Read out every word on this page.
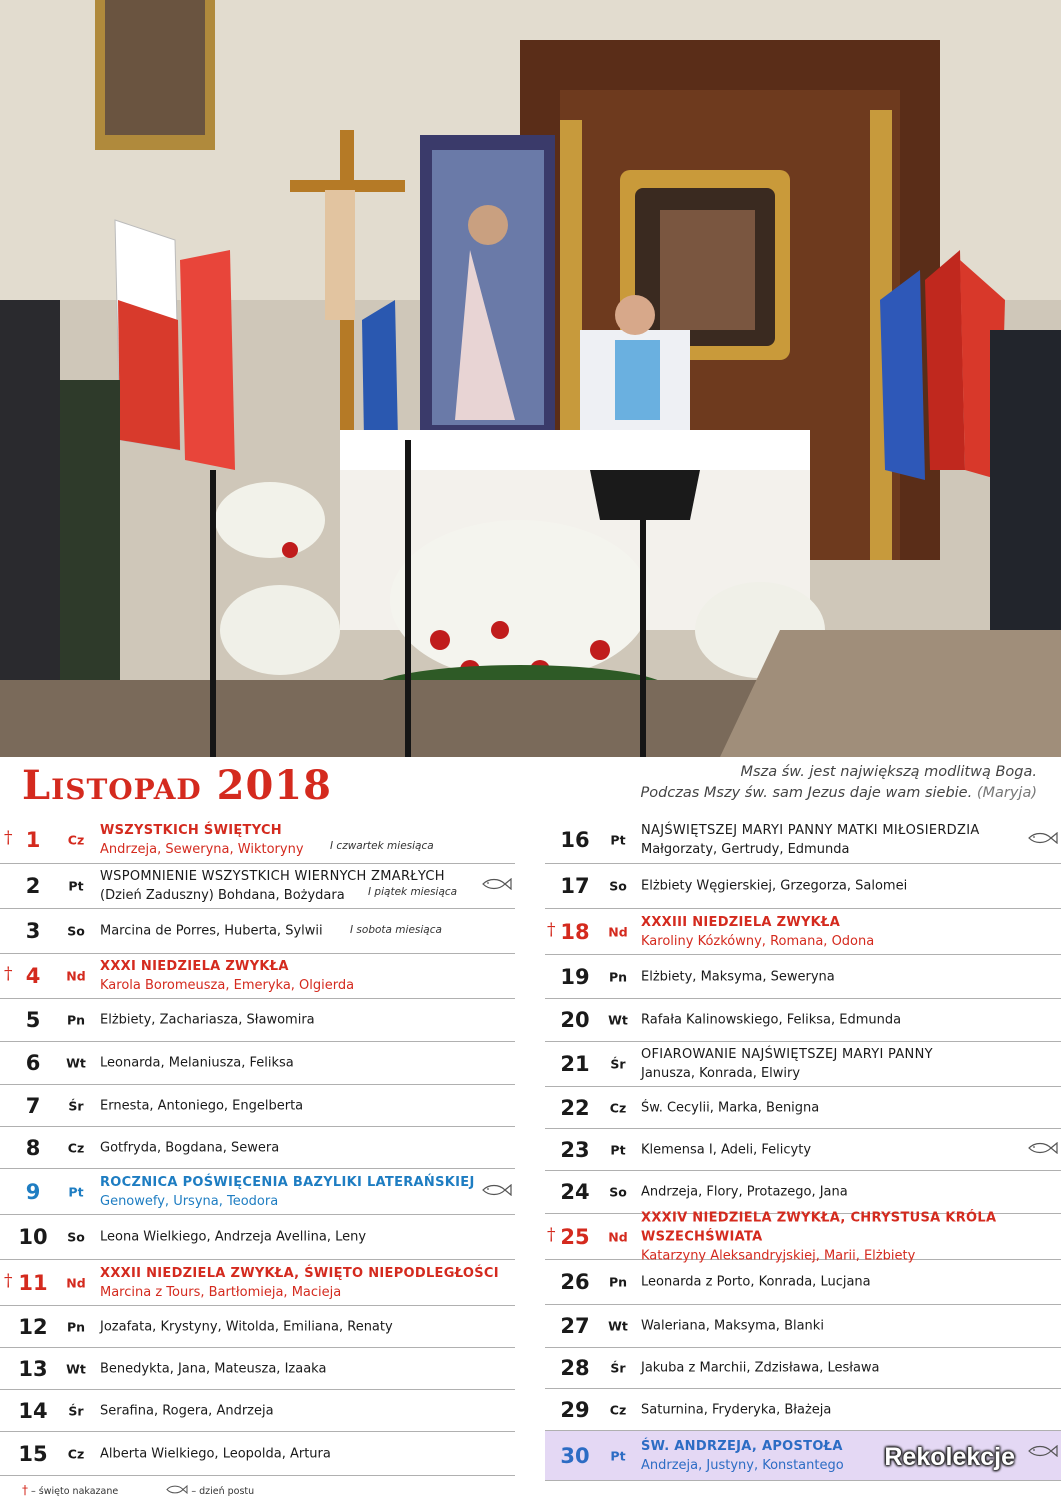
Listopad 2018	Msza św. jest największą modlitwą Boga.
Podczas Mszy św. sam Jezus daje wam siebie. (Maryja)
† 1	Cz
WSZYSTKICH ŚWIĘTYCH
Andrzeja, Seweryna, Wiktoryny	I czwartek miesiąca
2	Pt
WSPOMNIENIE WSZYSTKICH WIERNYCH ZMARŁYCH
(Dzień Zaduszny) Bohdana, Bożydara	I piątek miesiąca
3	So	Marcina de Porres, Huberta, Sylwii	I sobota miesiąca
† 4	Nd
XXXI NIEDZIELA ZWYKŁA
Karola Boromeusza, Emeryka, Olgierda
5	Pn	Elżbiety, Zachariasza, Sławomira
6	Wt	Leonarda, Melaniusza, Feliksa
7	Śr	Ernesta, Antoniego, Engelberta
8	Cz	Gotfryda, Bogdana, Sewera
9	Pt
ROCZNICA POŚWIĘCENIA BAZYLIKI LATERAŃSKIEJ
Genowefy, Ursyna, Teodora
10	So	Leona Wielkiego, Andrzeja Avellina, Leny
† 11	Nd
XXXII NIEDZIELA ZWYKŁA, ŚWIĘTO NIEPODLEGŁOŚCI
Marcina z Tours, Bartłomieja, Macieja
12	Pn	Jozafata, Krystyny, Witolda, Emiliana, Renaty
13	Wt	Benedykta, Jana, Mateusza, Izaaka
14	Śr	Serafina, Rogera, Andrzeja
15	Cz	Alberta Wielkiego, Leopolda, Artura
16	Pt
NAJŚWIĘTSZEJ MARYI PANNY MATKI MIŁOSIERDZIA
Małgorzaty, Gertrudy, Edmunda
17	So	Elżbiety Węgierskiej, Grzegorza, Salomei
† 18	Nd
XXXIII NIEDZIELA ZWYKŁA
Karoliny Kózkówny, Romana, Odona
19	Pn	Elżbiety, Maksyma, Seweryna
20	Wt	Rafała Kalinowskiego, Feliksa, Edmunda
21	Śr
OFIAROWANIE NAJŚWIĘTSZEJ MARYI PANNY
Janusza, Konrada, Elwiry
22	Cz	Św. Cecylii, Marka, Benigna
23	Pt	Klemensa I, Adeli, Felicyty
24	So	Andrzeja, Flory, Protazego, Jana
† 25	Nd
XXXIV NIEDZIELA ZWYKŁA, CHRYSTUSA KRÓLA WSZECHŚWIATA
Katarzyny Aleksandryjskiej, Marii, Elżbiety
26	Pn	Leonarda z Porto, Konrada, Lucjana
27	Wt	Waleriana, Maksyma, Blanki
28	Śr	Jakuba z Marchii, Zdzisława, Lesława
29	Cz	Saturnina, Fryderyka, Błażeja
30	Pt
ŚW. ANDRZEJA, APOSTOŁA
Andrzeja, Justyny, Konstantego	Rekolekcje
† – święto nakazane	– dzień postu
